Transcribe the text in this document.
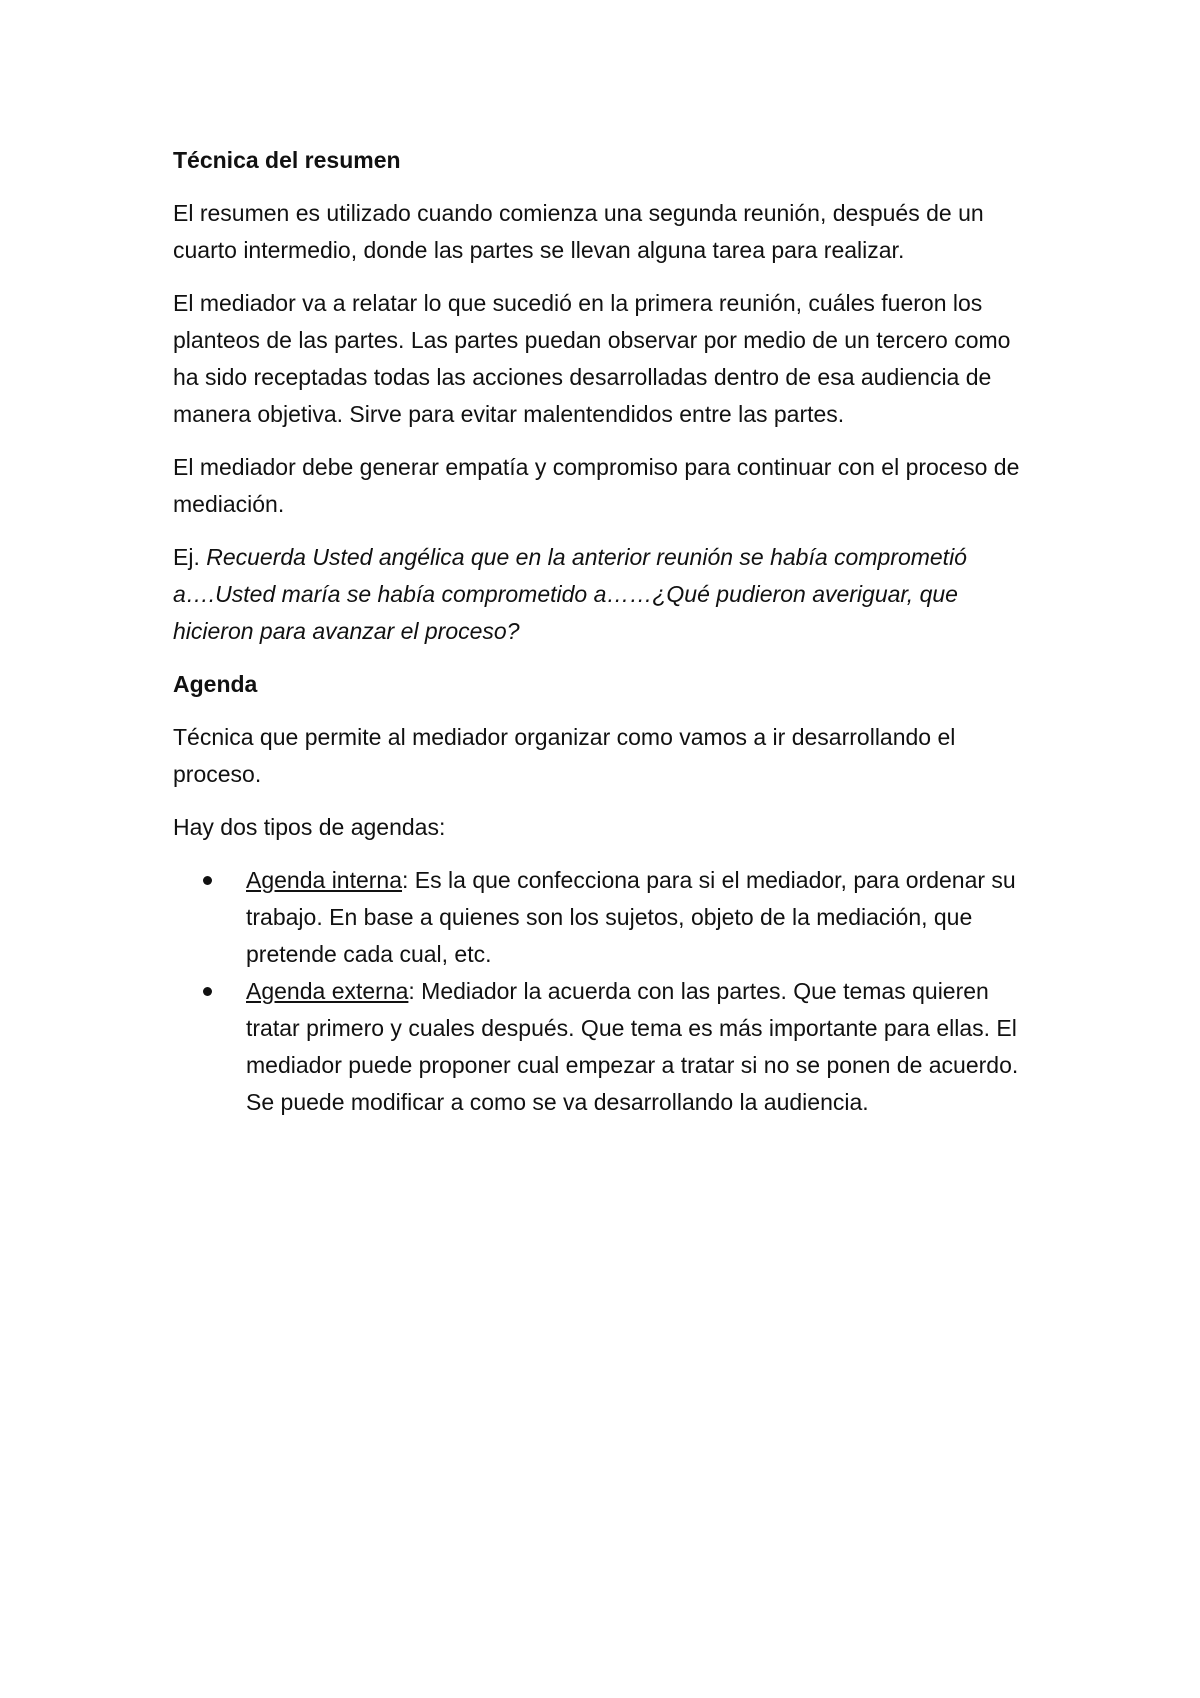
Técnica del resumen
El resumen es utilizado cuando comienza una segunda reunión, después de un cuarto intermedio, donde las partes se llevan alguna tarea para realizar.
El mediador va a relatar lo que sucedió en la primera reunión, cuáles fueron los planteos de las partes. Las partes puedan observar por medio de un tercero como ha sido receptadas todas las acciones desarrolladas dentro de esa audiencia de manera objetiva. Sirve para evitar malentendidos entre las partes.
El mediador debe generar empatía y compromiso para continuar con el proceso de mediación.
Ej. Recuerda Usted angélica que en la anterior reunión se había comprometió a….Usted maría se había comprometido a……¿Qué pudieron averiguar, que hicieron para avanzar el proceso?
Agenda
Técnica que permite al mediador organizar como vamos a ir desarrollando el proceso.
Hay dos tipos de agendas:
Agenda interna: Es la que confecciona para si el mediador, para ordenar su trabajo. En base a quienes son los sujetos, objeto de la mediación, que pretende cada cual, etc.
Agenda externa: Mediador la acuerda con las partes. Que temas quieren tratar primero y cuales después. Que tema es más importante para ellas. El mediador puede proponer cual empezar a tratar si no se ponen de acuerdo. Se puede modificar a como se va desarrollando la audiencia.
